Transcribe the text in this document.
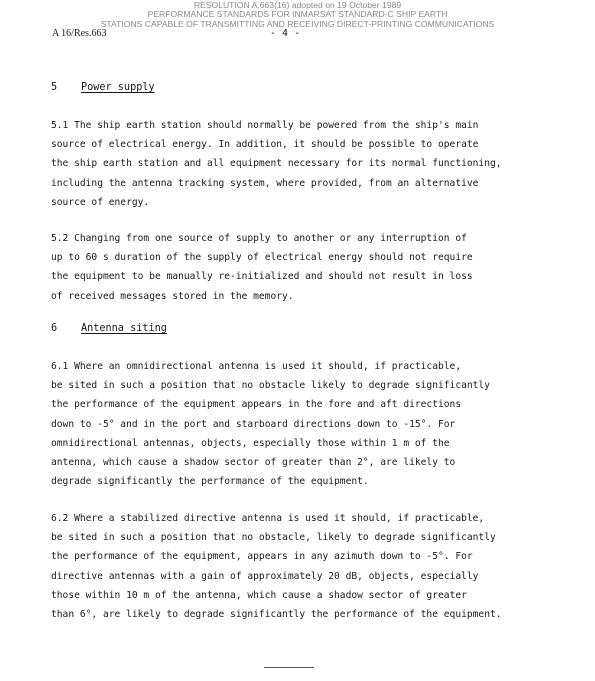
RESOLUTION A.663(16) adopted on 19 October 1989
PERFORMANCE STANDARDS FOR INMARSAT STANDARD-C SHIP EARTH
STATIONS CAPABLE OF TRANSMITTING AND RECEIVING DIRECT-PRINTING COMMUNICATIONS
A 16/Res.663	- 4 -
5 Power supply
5.1 The ship earth station should normally be powered from the ship's main
source of electrical energy. In addition, it should be possible to operate
the ship earth station and all equipment necessary for its normal functioning,
including the antenna tracking system, where provided, from an alternative
source of energy.
5.2 Changing from one source of supply to another or any interruption of
up to 60 s duration of the supply of electrical energy should not require
the equipment to be manually re-initialized and should not result in loss
of received messages stored in the memory.
6 Antenna siting
6.1 Where an omnidirectional antenna is used it should, if practicable,
be sited in such a position that no obstacle likely to degrade significantly
the performance of the equipment appears in the fore and aft directions
down to -5° and in the port and starboard directions down to -15°. For
omnidirectional antennas, objects, especially those within 1 m of the
antenna, which cause a shadow sector of greater than 2°, are likely to
degrade significantly the performance of the equipment.
6.2 Where a stabilized directive antenna is used it should, if practicable,
be sited in such a position that no obstacle, likely to degrade significantly
the performance of the equipment, appears in any azimuth down to -5°. For
directive antennas with a gain of approximately 20 dB, objects, especially
those within 10 m of the antenna, which cause a shadow sector of greater
than 6°, are likely to degrade significantly the performance of the equipment.
